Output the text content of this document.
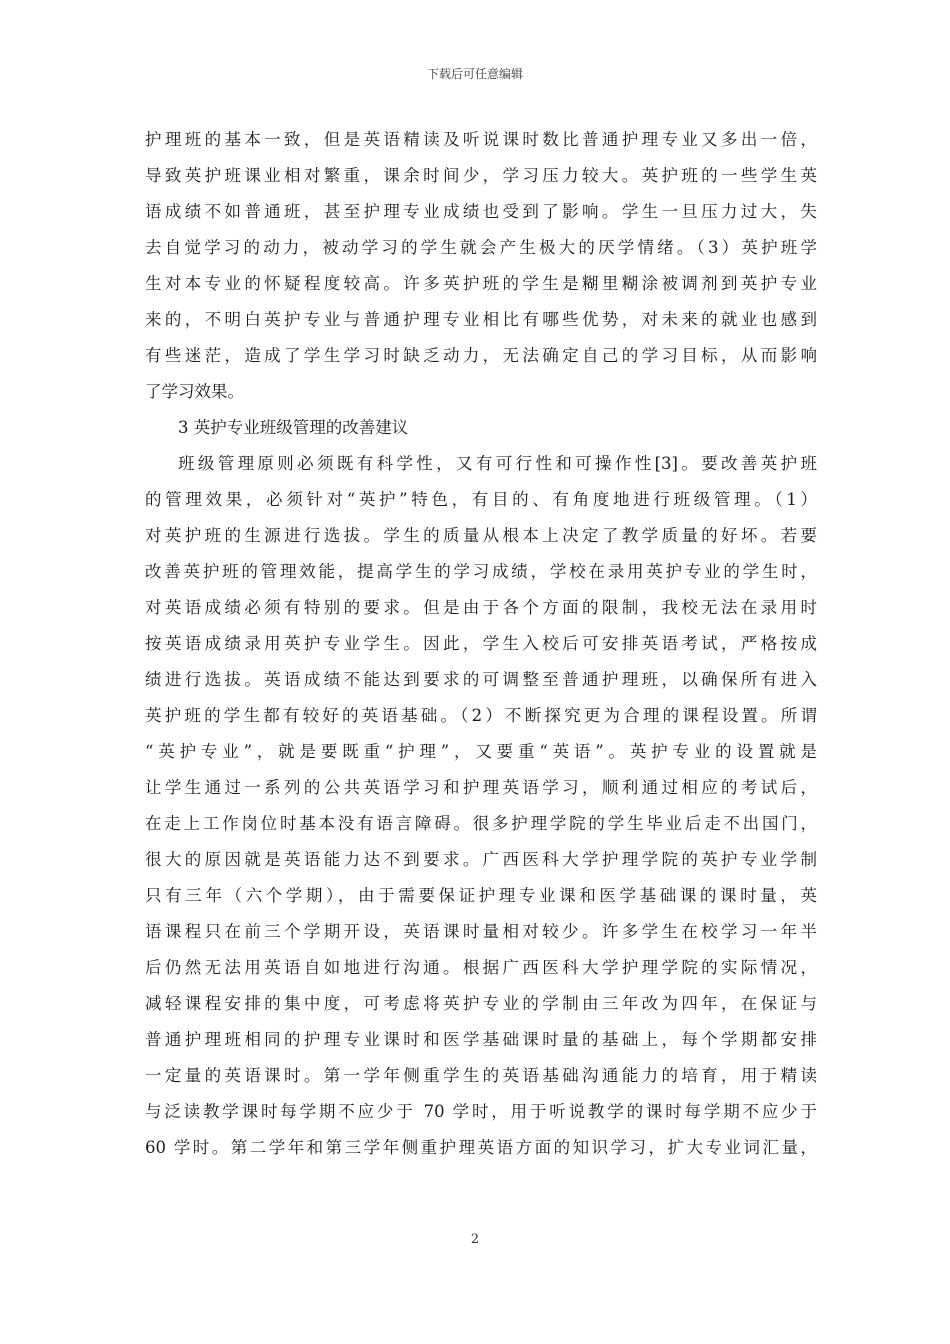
下载后可任意编辑
护理班的基本一致，但是英语精读及听说课时数比普通护理专业又多出一倍，
导致英护班课业相对繁重，课余时间少，学习压力较大。英护班的一些学生英
语成绩不如普通班，甚至护理专业成绩也受到了影响。学生一旦压力过大，失
去自觉学习的动力，被动学习的学生就会产生极大的厌学情绪。（3）英护班学
生对本专业的怀疑程度较高。许多英护班的学生是糊里糊涂被调剂到英护专业
来的，不明白英护专业与普通护理专业相比有哪些优势，对未来的就业也感到
有些迷茫，造成了学生学习时缺乏动力，无法确定自己的学习目标，从而影响
了学习效果。
3 英护专业班级管理的改善建议
班级管理原则必须既有科学性，又有可行性和可操作性[3]。要改善英护班
的管理效果，必须针对“英护”特色，有目的、有角度地进行班级管理。（1）
对英护班的生源进行选拔。学生的质量从根本上决定了教学质量的好坏。若要
改善英护班的管理效能，提高学生的学习成绩，学校在录用英护专业的学生时，
对英语成绩必须有特别的要求。但是由于各个方面的限制，我校无法在录用时
按英语成绩录用英护专业学生。因此，学生入校后可安排英语考试，严格按成
绩进行选拔。英语成绩不能达到要求的可调整至普通护理班，以确保所有进入
英护班的学生都有较好的英语基础。（2）不断探究更为合理的课程设置。所谓
“英护专业”，就是要既重“护理”，又要重“英语”。英护专业的设置就是
让学生通过一系列的公共英语学习和护理英语学习，顺利通过相应的考试后，
在走上工作岗位时基本没有语言障碍。很多护理学院的学生毕业后走不出国门，
很大的原因就是英语能力达不到要求。广西医科大学护理学院的英护专业学制
只有三年（六个学期），由于需要保证护理专业课和医学基础课的课时量，英
语课程只在前三个学期开设，英语课时量相对较少。许多学生在校学习一年半
后仍然无法用英语自如地进行沟通。根据广西医科大学护理学院的实际情况，
减轻课程安排的集中度，可考虑将英护专业的学制由三年改为四年，在保证与
普通护理班相同的护理专业课时和医学基础课时量的基础上，每个学期都安排
一定量的英语课时。第一学年侧重学生的英语基础沟通能力的培育，用于精读
与泛读教学课时每学期不应少于 70 学时，用于听说教学的课时每学期不应少于
60 学时。第二学年和第三学年侧重护理英语方面的知识学习，扩大专业词汇量，
2
